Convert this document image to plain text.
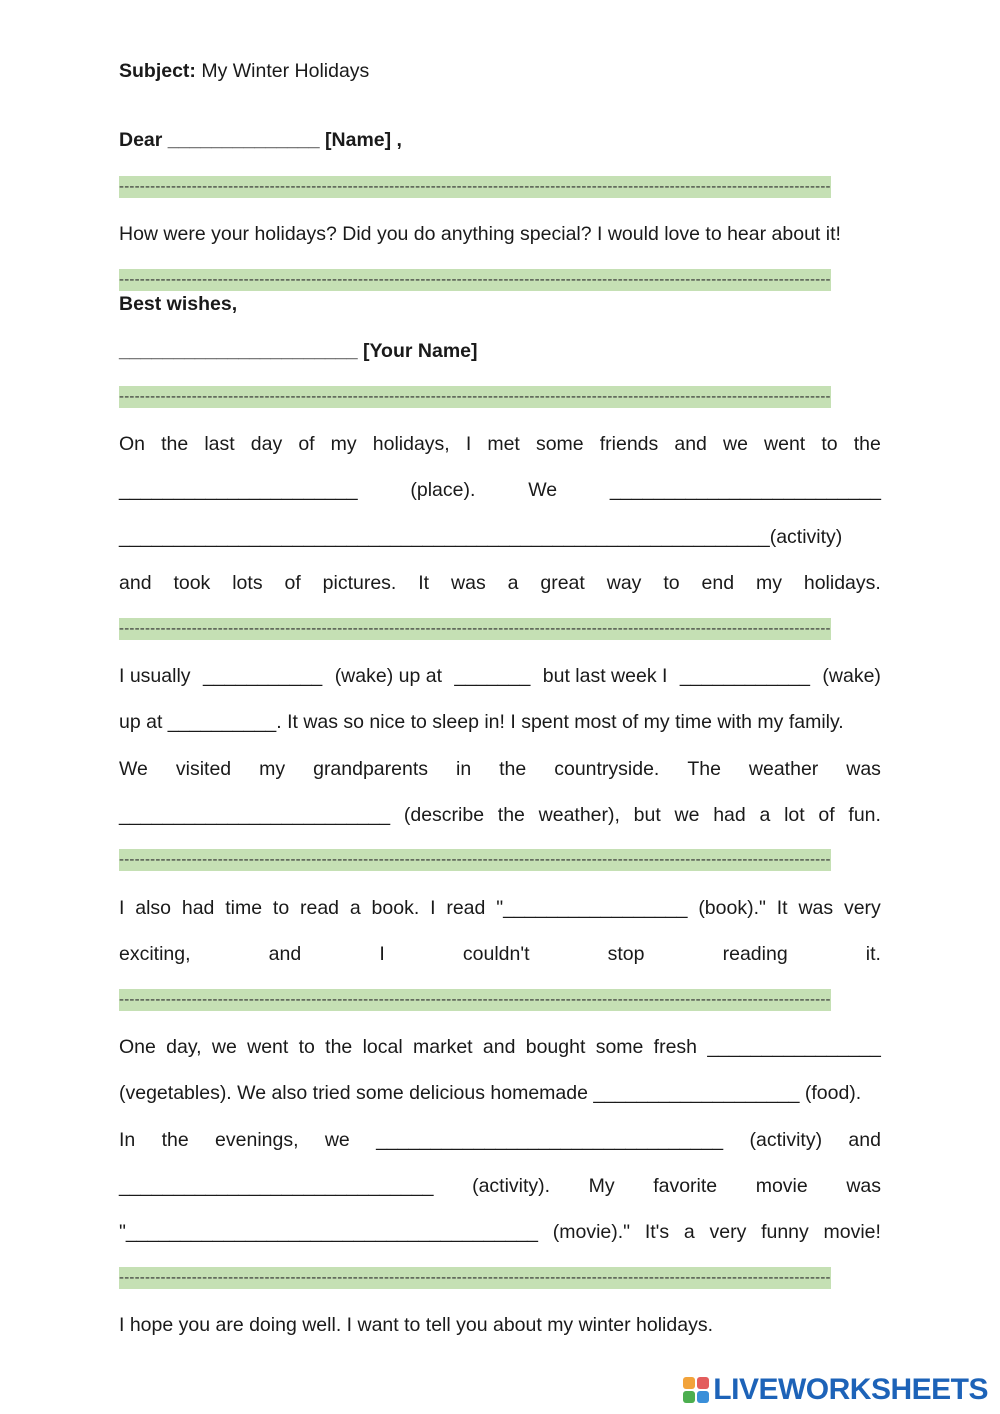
Subject: My Winter Holidays
Dear ______________ [Name] ,
-----------------------------------------------------------------------------------------------------------------------------------------
How were your holidays? Did you do anything special? I would love to hear about it!
-----------------------------------------------------------------------------------------------------------------------------------------
Best wishes,
______________________ [Your Name]
-----------------------------------------------------------------------------------------------------------------------------------------
On the last day of my holidays, I met some friends and we went to the
______________________	(place).	We	_________________________
____________________________________________________________(activity)
and took lots of pictures. It was a great way to end my holidays.
-----------------------------------------------------------------------------------------------------------------------------------------
I usually ___________ (wake) up at _______ but last week I ____________ (wake)
up at __________. It was so nice to sleep in! I spent most of my time with my family.
We visited my grandparents in the countryside. The weather was
_________________________ (describe the weather), but we had a lot of fun.
-----------------------------------------------------------------------------------------------------------------------------------------
I also had time to read a book. I read "_________________ (book)." It was very
exciting,	and	I	couldn't	stop	reading	it.
-----------------------------------------------------------------------------------------------------------------------------------------
One day, we went to the local market and bought some fresh ________________
(vegetables). We also tried some delicious homemade ___________________ (food).
In the evenings, we ________________________________ (activity) and
_____________________________ (activity). My favorite movie was
"______________________________________ (movie)." It's a very funny movie!
-----------------------------------------------------------------------------------------------------------------------------------------
I hope you are doing well. I want to tell you about my winter holidays.
LIVEWORKSHEETS
